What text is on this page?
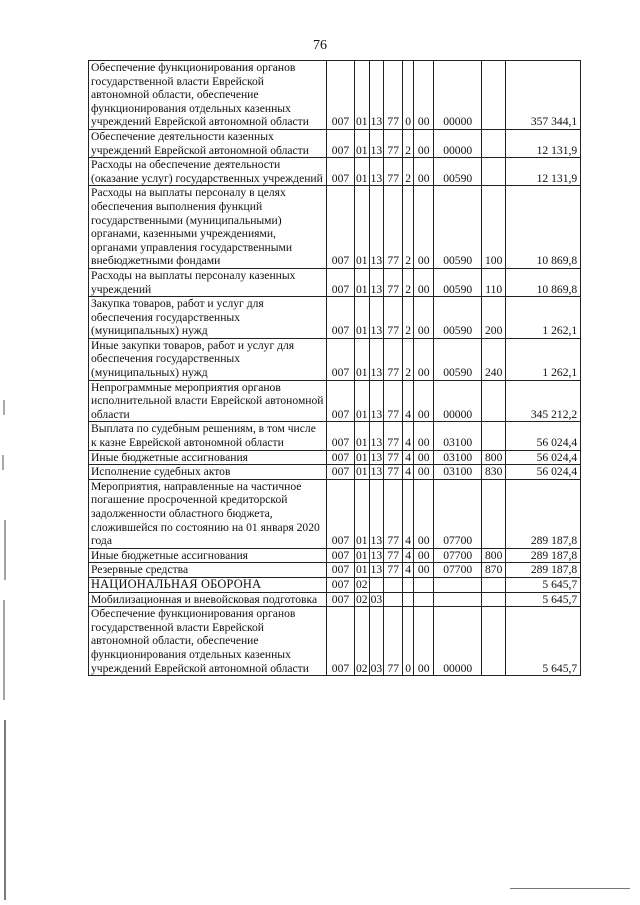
76
Обеспечение функционирования органов государственной власти Еврейской автономной области, обеспечение функционирования отдельных казенных учреждений Еврейской автономной области	007	01	13	77	0	00	00000		357 344,1
Обеспечение деятельности казенных учреждений Еврейской автономной области	007	01	13	77	2	00	00000		12 131,9
Расходы на обеспечение деятельности (оказание услуг) государственных учреждений	007	01	13	77	2	00	00590		12 131,9
Расходы на выплаты персоналу в целях обеспечения выполнения функций государственными (муниципальными) органами, казенными учреждениями, органами управления государственными внебюджетными фондами	007	01	13	77	2	00	00590	100	10 869,8
Расходы на выплаты персоналу казенных учреждений	007	01	13	77	2	00	00590	110	10 869,8
Закупка товаров, работ и услуг для обеспечения государственных (муниципальных) нужд	007	01	13	77	2	00	00590	200	1 262,1
Иные закупки товаров, работ и услуг для обеспечения государственных (муниципальных) нужд	007	01	13	77	2	00	00590	240	1 262,1
Непрограммные мероприятия органов исполнительной власти Еврейской автономной области	007	01	13	77	4	00	00000		345 212,2
Выплата по судебным решениям, в том числе к казне Еврейской автономной области	007	01	13	77	4	00	03100		56 024,4
Иные бюджетные ассигнования	007	01	13	77	4	00	03100	800	56 024,4
Исполнение судебных актов	007	01	13	77	4	00	03100	830	56 024,4
Мероприятия, направленные на частичное погашение просроченной кредиторской задолженности областного бюджета, сложившейся по состоянию на 01 января 2020 года	007	01	13	77	4	00	07700		289 187,8
Иные бюджетные ассигнования	007	01	13	77	4	00	07700	800	289 187,8
Резервные средства	007	01	13	77	4	00	07700	870	289 187,8
НАЦИОНАЛЬНАЯ ОБОРОНА	007	02							5 645,7
Мобилизационная и вневойсковая подготовка	007	02	03						5 645,7
Обеспечение функционирования органов государственной власти Еврейской автономной области, обеспечение функционирования отдельных казенных учреждений Еврейской автономной области	007	02	03	77	0	00	00000		5 645,7
